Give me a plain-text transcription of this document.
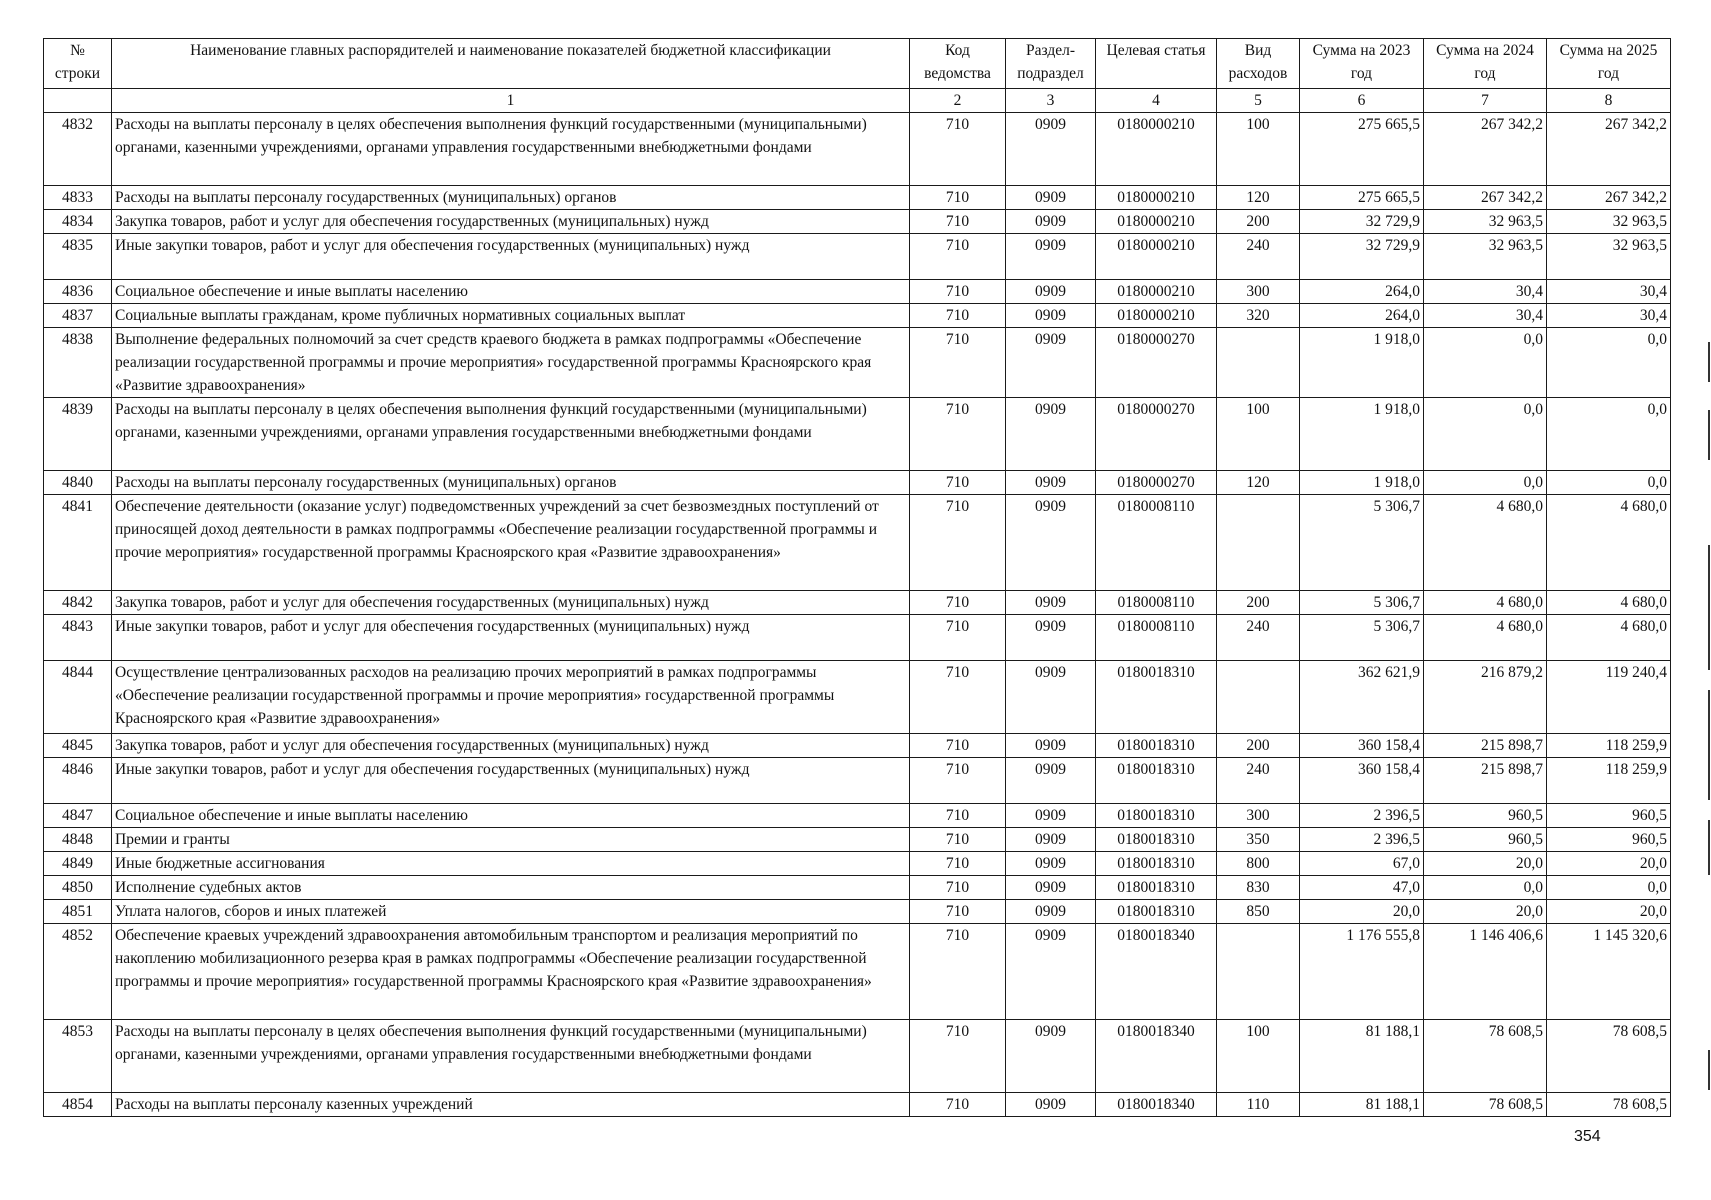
№ строки	Наименование главных распорядителей и наименование показателей бюджетной классификации	Код ведомства	Раздел-подраздел	Целевая статья	Вид расходов	Сумма на 2023 год	Сумма на 2024 год	Сумма на 2025 год
	1	2	3	4	5	6	7	8
4832	Расходы на выплаты персоналу в целях обеспечения выполнения функций государственными (муниципальными) органами, казенными учреждениями, органами управления государственными внебюджетными фондами	710	0909	0180000210	100	275 665,5	267 342,2	267 342,2
4833	Расходы на выплаты персоналу государственных (муниципальных) органов	710	0909	0180000210	120	275 665,5	267 342,2	267 342,2
4834	Закупка товаров, работ и услуг для обеспечения государственных (муниципальных) нужд	710	0909	0180000210	200	32 729,9	32 963,5	32 963,5
4835	Иные закупки товаров, работ и услуг для обеспечения государственных (муниципальных) нужд	710	0909	0180000210	240	32 729,9	32 963,5	32 963,5
4836	Социальное обеспечение и иные выплаты населению	710	0909	0180000210	300	264,0	30,4	30,4
4837	Социальные выплаты гражданам, кроме публичных нормативных социальных выплат	710	0909	0180000210	320	264,0	30,4	30,4
4838	Выполнение федеральных полномочий за счет средств краевого бюджета в рамках подпрограммы «Обеспечение реализации государственной программы и прочие мероприятия» государственной программы Красноярского края «Развитие здравоохранения»	710	0909	0180000270		1 918,0	0,0	0,0
4839	Расходы на выплаты персоналу в целях обеспечения выполнения функций государственными (муниципальными) органами, казенными учреждениями, органами управления государственными внебюджетными фондами	710	0909	0180000270	100	1 918,0	0,0	0,0
4840	Расходы на выплаты персоналу государственных (муниципальных) органов	710	0909	0180000270	120	1 918,0	0,0	0,0
4841	Обеспечение деятельности (оказание услуг) подведомственных учреждений за счет безвозмездных поступлений от приносящей доход деятельности в рамках подпрограммы «Обеспечение реализации государственной программы и прочие мероприятия» государственной программы Красноярского края «Развитие здравоохранения»	710	0909	0180008110		5 306,7	4 680,0	4 680,0
4842	Закупка товаров, работ и услуг для обеспечения государственных (муниципальных) нужд	710	0909	0180008110	200	5 306,7	4 680,0	4 680,0
4843	Иные закупки товаров, работ и услуг для обеспечения государственных (муниципальных) нужд	710	0909	0180008110	240	5 306,7	4 680,0	4 680,0
4844	Осуществление централизованных расходов на реализацию прочих мероприятий в рамках подпрограммы «Обеспечение реализации государственной программы и прочие мероприятия» государственной программы Красноярского края «Развитие здравоохранения»	710	0909	0180018310		362 621,9	216 879,2	119 240,4
4845	Закупка товаров, работ и услуг для обеспечения государственных (муниципальных) нужд	710	0909	0180018310	200	360 158,4	215 898,7	118 259,9
4846	Иные закупки товаров, работ и услуг для обеспечения государственных (муниципальных) нужд	710	0909	0180018310	240	360 158,4	215 898,7	118 259,9
4847	Социальное обеспечение и иные выплаты населению	710	0909	0180018310	300	2 396,5	960,5	960,5
4848	Премии и гранты	710	0909	0180018310	350	2 396,5	960,5	960,5
4849	Иные бюджетные ассигнования	710	0909	0180018310	800	67,0	20,0	20,0
4850	Исполнение судебных актов	710	0909	0180018310	830	47,0	0,0	0,0
4851	Уплата налогов, сборов и иных платежей	710	0909	0180018310	850	20,0	20,0	20,0
4852	Обеспечение краевых учреждений здравоохранения автомобильным транспортом и реализация мероприятий по накоплению мобилизационного резерва края в рамках подпрограммы «Обеспечение реализации государственной программы и прочие мероприятия» государственной программы Красноярского края «Развитие здравоохранения»	710	0909	0180018340		1 176 555,8	1 146 406,6	1 145 320,6
4853	Расходы на выплаты персоналу в целях обеспечения выполнения функций государственными (муниципальными) органами, казенными учреждениями, органами управления государственными внебюджетными фондами	710	0909	0180018340	100	81 188,1	78 608,5	78 608,5
4854	Расходы на выплаты персоналу казенных учреждений	710	0909	0180018340	110	81 188,1	78 608,5	78 608,5
354
